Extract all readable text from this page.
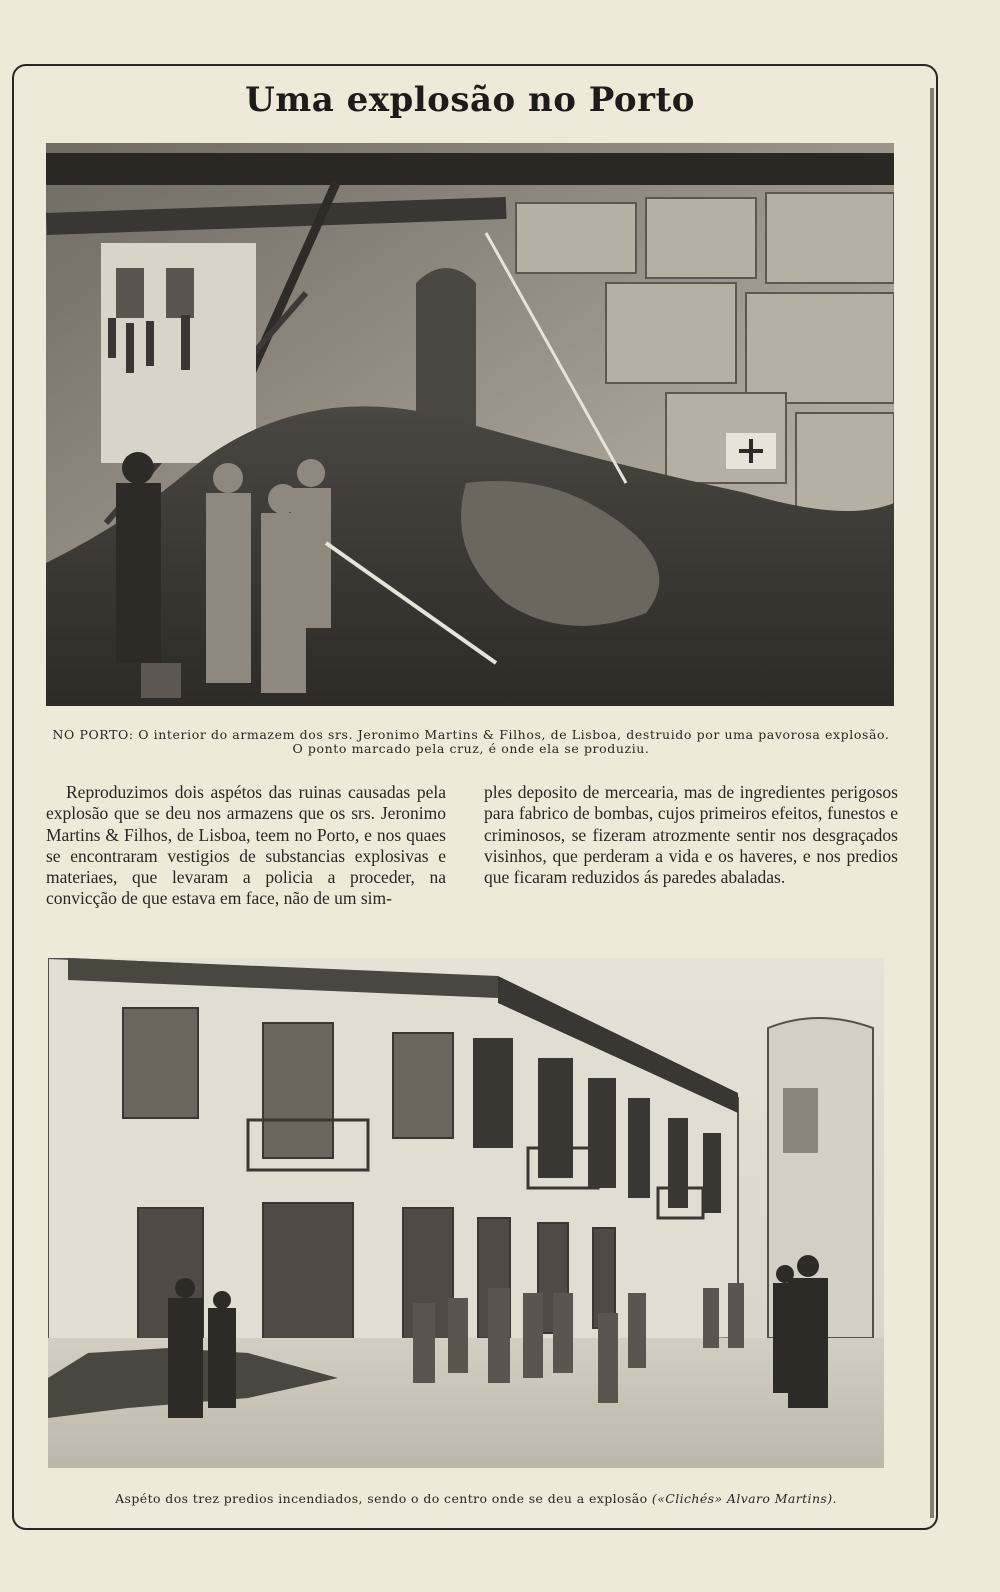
Uma explosão no Porto
NO PORTO: O interior do armazem dos srs. Jeronimo Martins & Filhos, de Lisboa, destruido por uma pavorosa explosão. O ponto marcado pela cruz, é onde ela se produziu.

Reproduzimos dois aspétos das ruinas causadas pela explosão que se deu nos armazens que os srs. Jeronimo Martins & Filhos, de Lisboa, teem no Porto, e nos quaes se encontraram vestigios de substancias explosivas e materiaes, que levaram a policia a proceder, na convicção de que estava em face, não de um sim-

ples deposito de mercearia, mas de ingredientes perigosos para fabrico de bombas, cujos primeiros efeitos, funestos e criminosos, se fizeram atrozmente sentir nos desgraçados visinhos, que perderam a vida e os haveres, e nos predios que ficaram reduzidos ás paredes abaladas.

Aspéto dos trez predios incendiados, sendo o do centro onde se deu a explosão («Clichés» Alvaro Martins).
